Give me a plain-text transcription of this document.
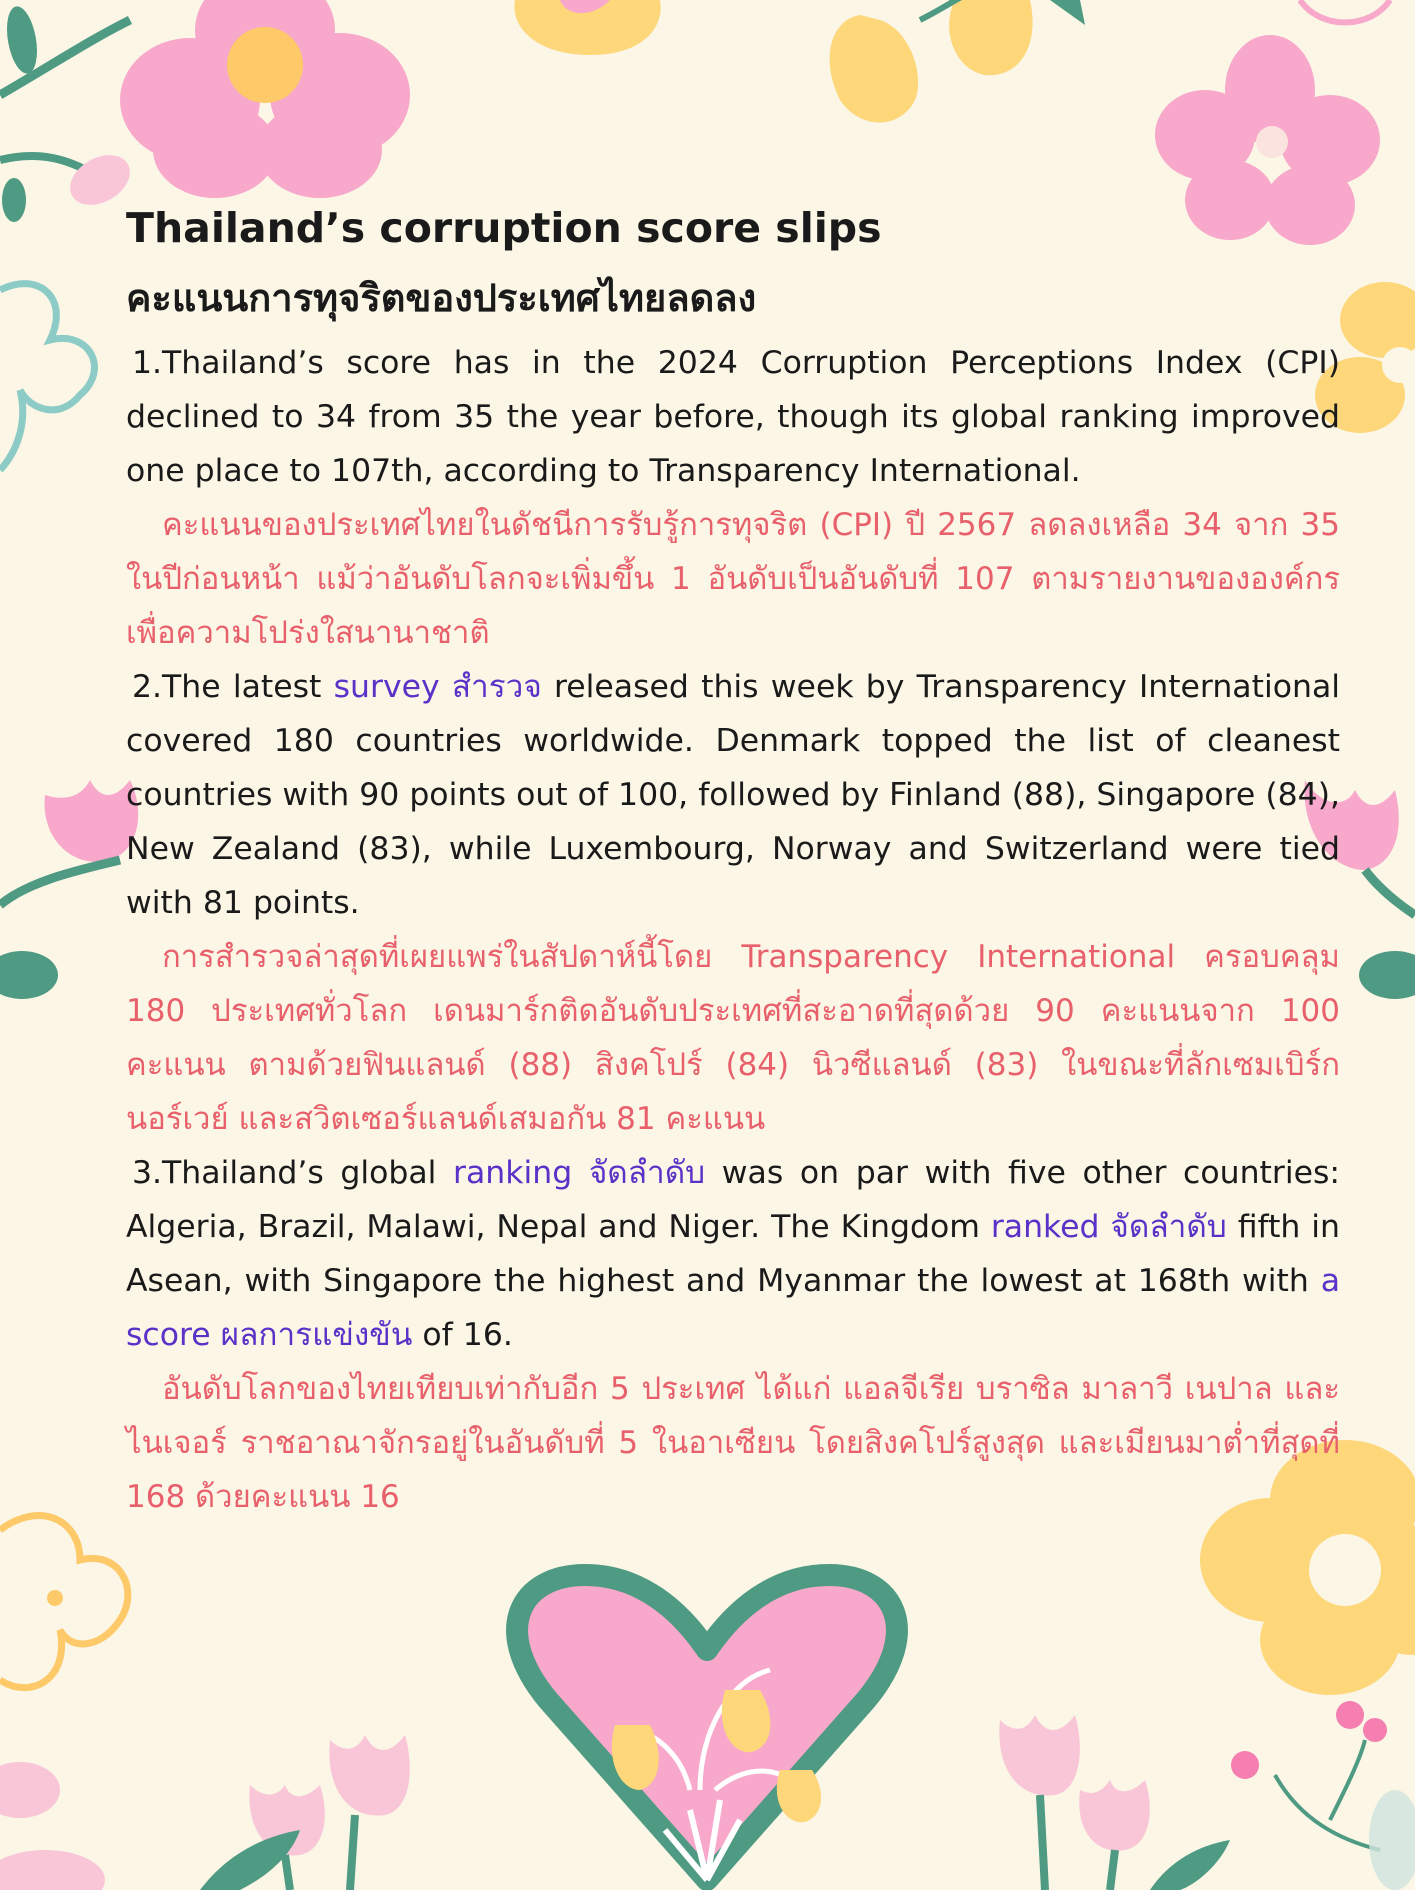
Thailand’s corruption score slips
คะแนนการทุจริตของประเทศไทยลดลง

1.Thailand’s score has in the 2024 Corruption Perceptions Index (CPI) declined to 34 from 35 the year before, though its global ranking improved one place to 107th, according to Transparency International.

คะแนนของประเทศไทยในดัชนีการรับรู้การทุจริต (CPI) ปี 2567 ลดลงเหลือ 34 จาก 35 ในปีก่อนหน้า แม้ว่าอันดับโลกจะเพิ่มขึ้น 1 อันดับเป็นอันดับที่ 107 ตามรายงานขององค์กรเพื่อความโปร่งใสนานาชาติ

2.The latest survey สำรวจ released this week by Transparency International covered 180 countries worldwide. Denmark topped the list of cleanest countries with 90 points out of 100, followed by Finland (88), Singapore (84), New Zealand (83), while Luxembourg, Norway and Switzerland were tied with 81 points.

การสำรวจล่าสุดที่เผยแพร่ในสัปดาห์นี้โดย Transparency International ครอบคลุม 180 ประเทศทั่วโลก เดนมาร์กติดอันดับประเทศที่สะอาดที่สุดด้วย 90 คะแนนจาก 100 คะแนน ตามด้วยฟินแลนด์ (88) สิงคโปร์ (84) นิวซีแลนด์ (83) ในขณะที่ลักเซมเบิร์ก นอร์เวย์ และสวิตเซอร์แลนด์เสมอกัน 81 คะแนน

3.Thailand’s global ranking จัดลำดับ was on par with five other countries: Algeria, Brazil, Malawi, Nepal and Niger. The Kingdom ranked จัดลำดับ fifth in Asean, with Singapore the highest and Myanmar the lowest at 168th with a score ผลการแข่งขัน of 16.

อันดับโลกของไทยเทียบเท่ากับอีก 5 ประเทศ ได้แก่ แอลจีเรีย บราซิล มาลาวี เนปาล และไนเจอร์ ราชอาณาจักรอยู่ในอันดับที่ 5 ในอาเซียน โดยสิงคโปร์สูงสุด และเมียนมาต่ำที่สุดที่ 168 ด้วยคะแนน 16
